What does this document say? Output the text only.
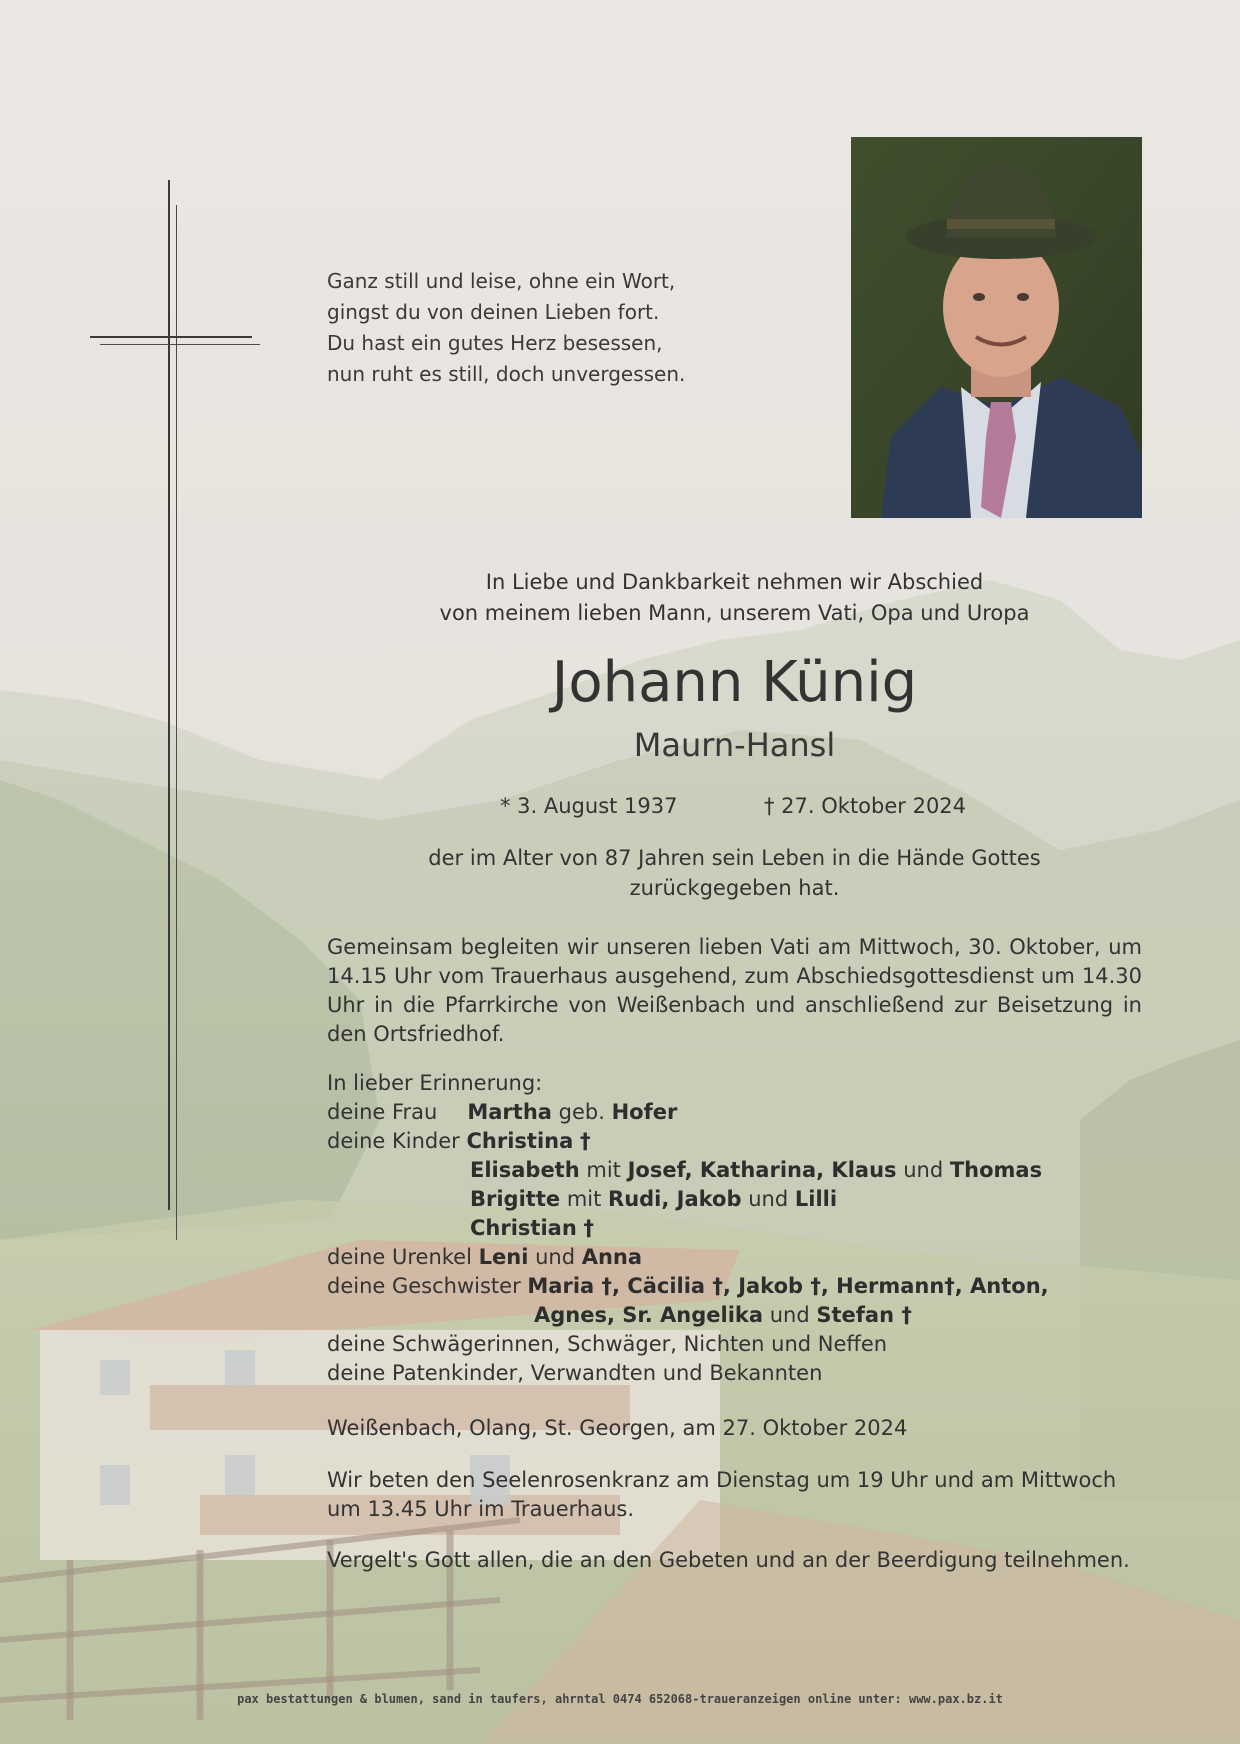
Ganz still und leise, ohne ein Wort,
gingst du von deinen Lieben fort.
Du hast ein gutes Herz besessen,
nun ruht es still, doch unvergessen.
In Liebe und Dankbarkeit nehmen wir Abschied
von meinem lieben Mann, unserem Vati, Opa und Uropa
Johann Künig
Maurn-Hansl
* 3. August 1937	† 27. Oktober 2024
der im Alter von 87 Jahren sein Leben in die Hände Gottes
zurückgegeben hat.
Gemeinsam begleiten wir unseren lieben Vati am Mittwoch, 30. Oktober, um 14.15 Uhr vom Trauerhaus ausgehend, zum Abschiedsgottesdienst um 14.30 Uhr in die Pfarrkirche von Weißenbach und anschließend zur Beisetzung in den Ortsfriedhof.
In lieber Erinnerung:
deine Frau Martha geb. Hofer
deine Kinder Christina †
Elisabeth mit Josef, Katharina, Klaus und Thomas
Brigitte mit Rudi, Jakob und Lilli
Christian †
deine Urenkel Leni und Anna
deine Geschwister Maria †, Cäcilia †, Jakob †, Hermann†, Anton,
Agnes, Sr. Angelika und Stefan †
deine Schwägerinnen, Schwäger, Nichten und Neffen
deine Patenkinder, Verwandten und Bekannten
Weißenbach, Olang, St. Georgen, am 27. Oktober 2024
Wir beten den Seelenrosenkranz am Dienstag um 19 Uhr und am Mittwoch um 13.45 Uhr im Trauerhaus.
Vergelt's Gott allen, die an den Gebeten und an der Beerdigung teilnehmen.
pax bestattungen & blumen, sand in taufers, ahrntal 0474 652068-traueranzeigen online unter: www.pax.bz.it
